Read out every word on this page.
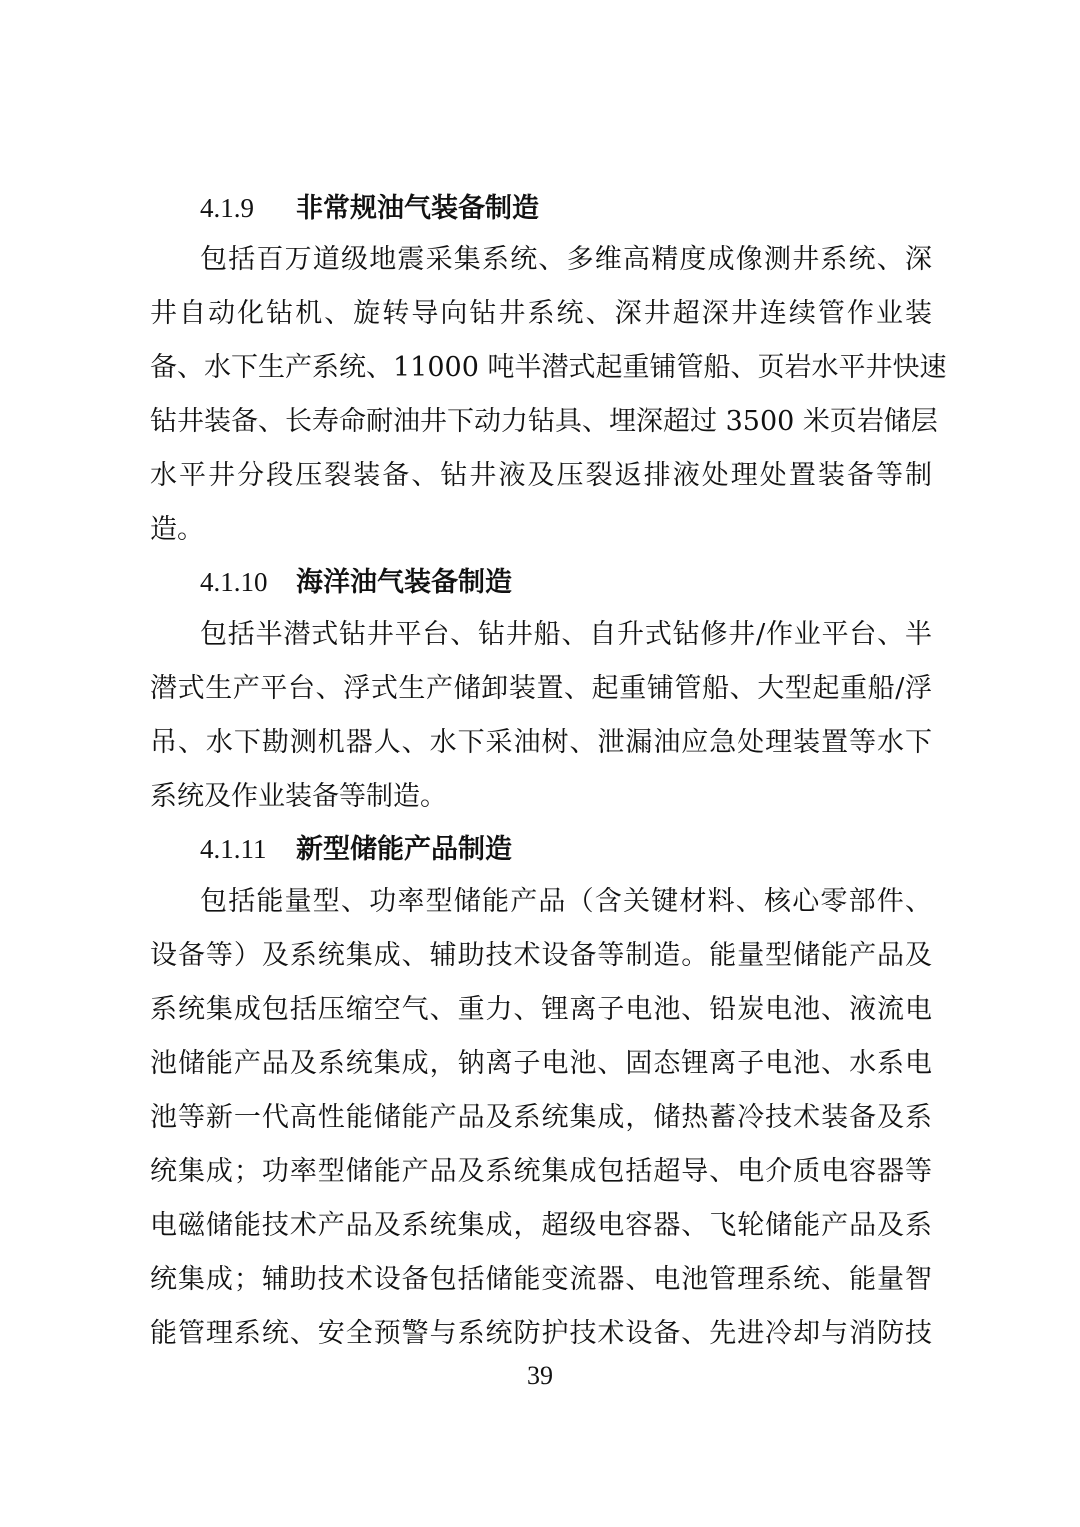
4.1.9 非常规油气装备制造
包括百万道级地震采集系统、多维高精度成像测井系统、深
井自动化钻机、旋转导向钻井系统、深井超深井连续管作业装
备、水下生产系统、11000 吨半潜式起重铺管船、页岩水平井快速
钻井装备、长寿命耐油井下动力钻具、埋深超过 3500 米页岩储层
水平井分段压裂装备、钻井液及压裂返排液处理处置装备等制
造。
4.1.10 海洋油气装备制造
包括半潜式钻井平台、钻井船、自升式钻修井/作业平台、半
潜式生产平台、浮式生产储卸装置、起重铺管船、大型起重船/浮
吊、水下勘测机器人、水下采油树、泄漏油应急处理装置等水下
系统及作业装备等制造。
4.1.11 新型储能产品制造
包括能量型、功率型储能产品（含关键材料、核心零部件、
设备等）及系统集成、辅助技术设备等制造。能量型储能产品及
系统集成包括压缩空气、重力、锂离子电池、铅炭电池、液流电
池储能产品及系统集成，钠离子电池、固态锂离子电池、水系电
池等新一代高性能储能产品及系统集成，储热蓄冷技术装备及系
统集成；功率型储能产品及系统集成包括超导、电介质电容器等
电磁储能技术产品及系统集成，超级电容器、飞轮储能产品及系
统集成；辅助技术设备包括储能变流器、电池管理系统、能量智
能管理系统、安全预警与系统防护技术设备、先进冷却与消防技
39
